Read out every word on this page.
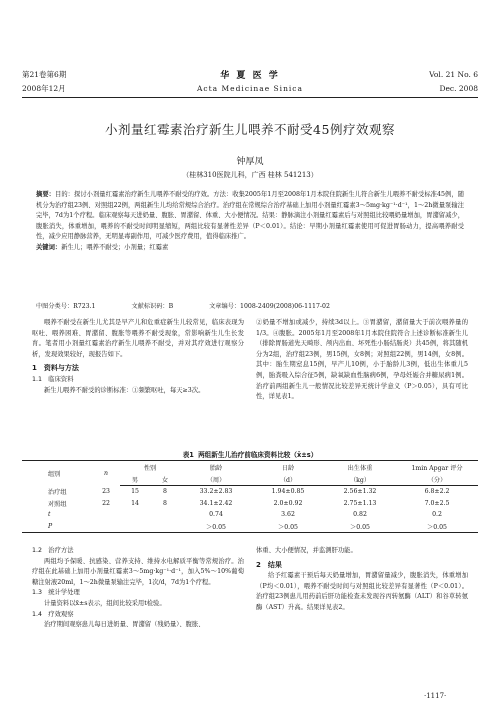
第21卷第6期
2008年12月
华 夏 医 学
Acta Medicinae Sinica
Vol. 21 No. 6
Dec. 2008
小剂量红霉素治疗新生儿喂养不耐受45例疗效观察
钟厚凤
（桂林310医院儿科，广西 桂林 541213）
摘要：目的：探讨小剂量红霉素治疗新生儿喂养不耐受的疗效。方法：收集2005年1月至2008年1月本院住院新生儿符合新生儿喂养不耐受标准45例，随机分为治疗组23例、对照组22例，两组新生儿均给常规综合治疗。治疗组在常规综合治疗基础上加用小剂量红霉素3～5mg·kg⁻¹·d⁻¹，1～2h微量泵输注完毕，7d为1个疗程。临床观察每天进奶量、腹胀、胃潴留、体重、大小便情况。结果：静脉滴注小剂量红霉素后与对照组比较喂奶量增加，胃潴留减少，腹胀消失，体重增加，喂养的不耐受时间明显缩短，两组比较有显著性差异（P＜0.01）。结论：早期小剂量红霉素使用可促进胃肠动力，提高喂养耐受性，减少应用静脉营养，无明显毒副作用，可减少医疗费用，值得临床推广。
关键词：新生儿；喂养不耐受；小剂量；红霉素
中图分类号：R723.1	文献标识码：B	文章编号：1008-2409(2008)06-1117-02

喂养不耐受在新生儿尤其是早产儿和危重症新生儿较常见，临床表现为呕吐、喂养困难、胃潴留、腹胀等喂养不耐受现象，常影响新生儿生长发育。笔者用小剂量红霉素治疗新生儿喂养不耐受，并对其疗效进行观察分析，发现效果较好，现报告如下。

1　资料与方法
1.1　临床资料

新生儿喂养不耐受的诊断标准：①频繁呕吐，每天≥3次。

②奶量不增加或减少，持续3d以上。③胃潴留，潴留量大于前次喂养量的1/3。④腹胀。2005年1月至2008年1月本院住院符合上述诊断标准新生儿（排除胃肠道先天畸形、颅内出血、坏死性小肠结肠炎）共45例，将其随机分为2组，治疗组23例，男15例，女8例；对照组22例，男14例，女8例。其中：胎生期窒息15例，早产儿10例，小于胎龄儿3例，低出生体重儿5例，胎粪吸入综合征5例，缺氧缺血性脑病6例，孕母妊娠合并糖尿病1例。治疗前两组新生儿一般情况比较差异无统计学意义（P＞0.05），具有可比性，详见表1。

表1 两组新生儿治疗前临床资料比较（x̄±s）
组别	n	性别		胎龄	日龄	出生体重	1min Apgar 评分
		男	女	（周）	（d）	（kg）	（分）
治疗组	23	15	8	33.2±2.83	1.94±0.85	2.56±1.32	6.8±2.2
对照组	22	14	8	34.1±2.42	2.0±0.92	2.75±1.13	7.0±2.5
t				0.74	3.62	0.82	0.2
P				＞0.05	＞0.05	＞0.05	＞0.05
1.2　治疗方法

两组均予保暖、抗感染、营养支持、维持水电解质平衡等常规治疗。治疗组在此基础上加用小剂量红霉素3～5mg·kg⁻¹·d⁻¹，加入5%～10%葡萄糖注射液20ml，1～2h微量泵输注完毕，1次/d，7d为1个疗程。

1.3　统计学处理

计量资料以x̄±s表示，组间比较采用t检验。

1.4　疗效观察

治疗期间观察患儿每日进奶量、胃潴留（残奶量）、腹胀、

体重、大小便情况，并监测肝功能。

2　结果

给予红霉素干预后每天奶量增加，胃潴留量减少，腹胀消失，体重增加（P均＜0.01），喂养不耐受时间与对照组比较差异有显著性（P＜0.01）。治疗组23例患儿用药前后肝功能检查未发现谷丙转氨酶（ALT）和谷草转氨酶（AST）升高。结果详见表2。

·1117·
